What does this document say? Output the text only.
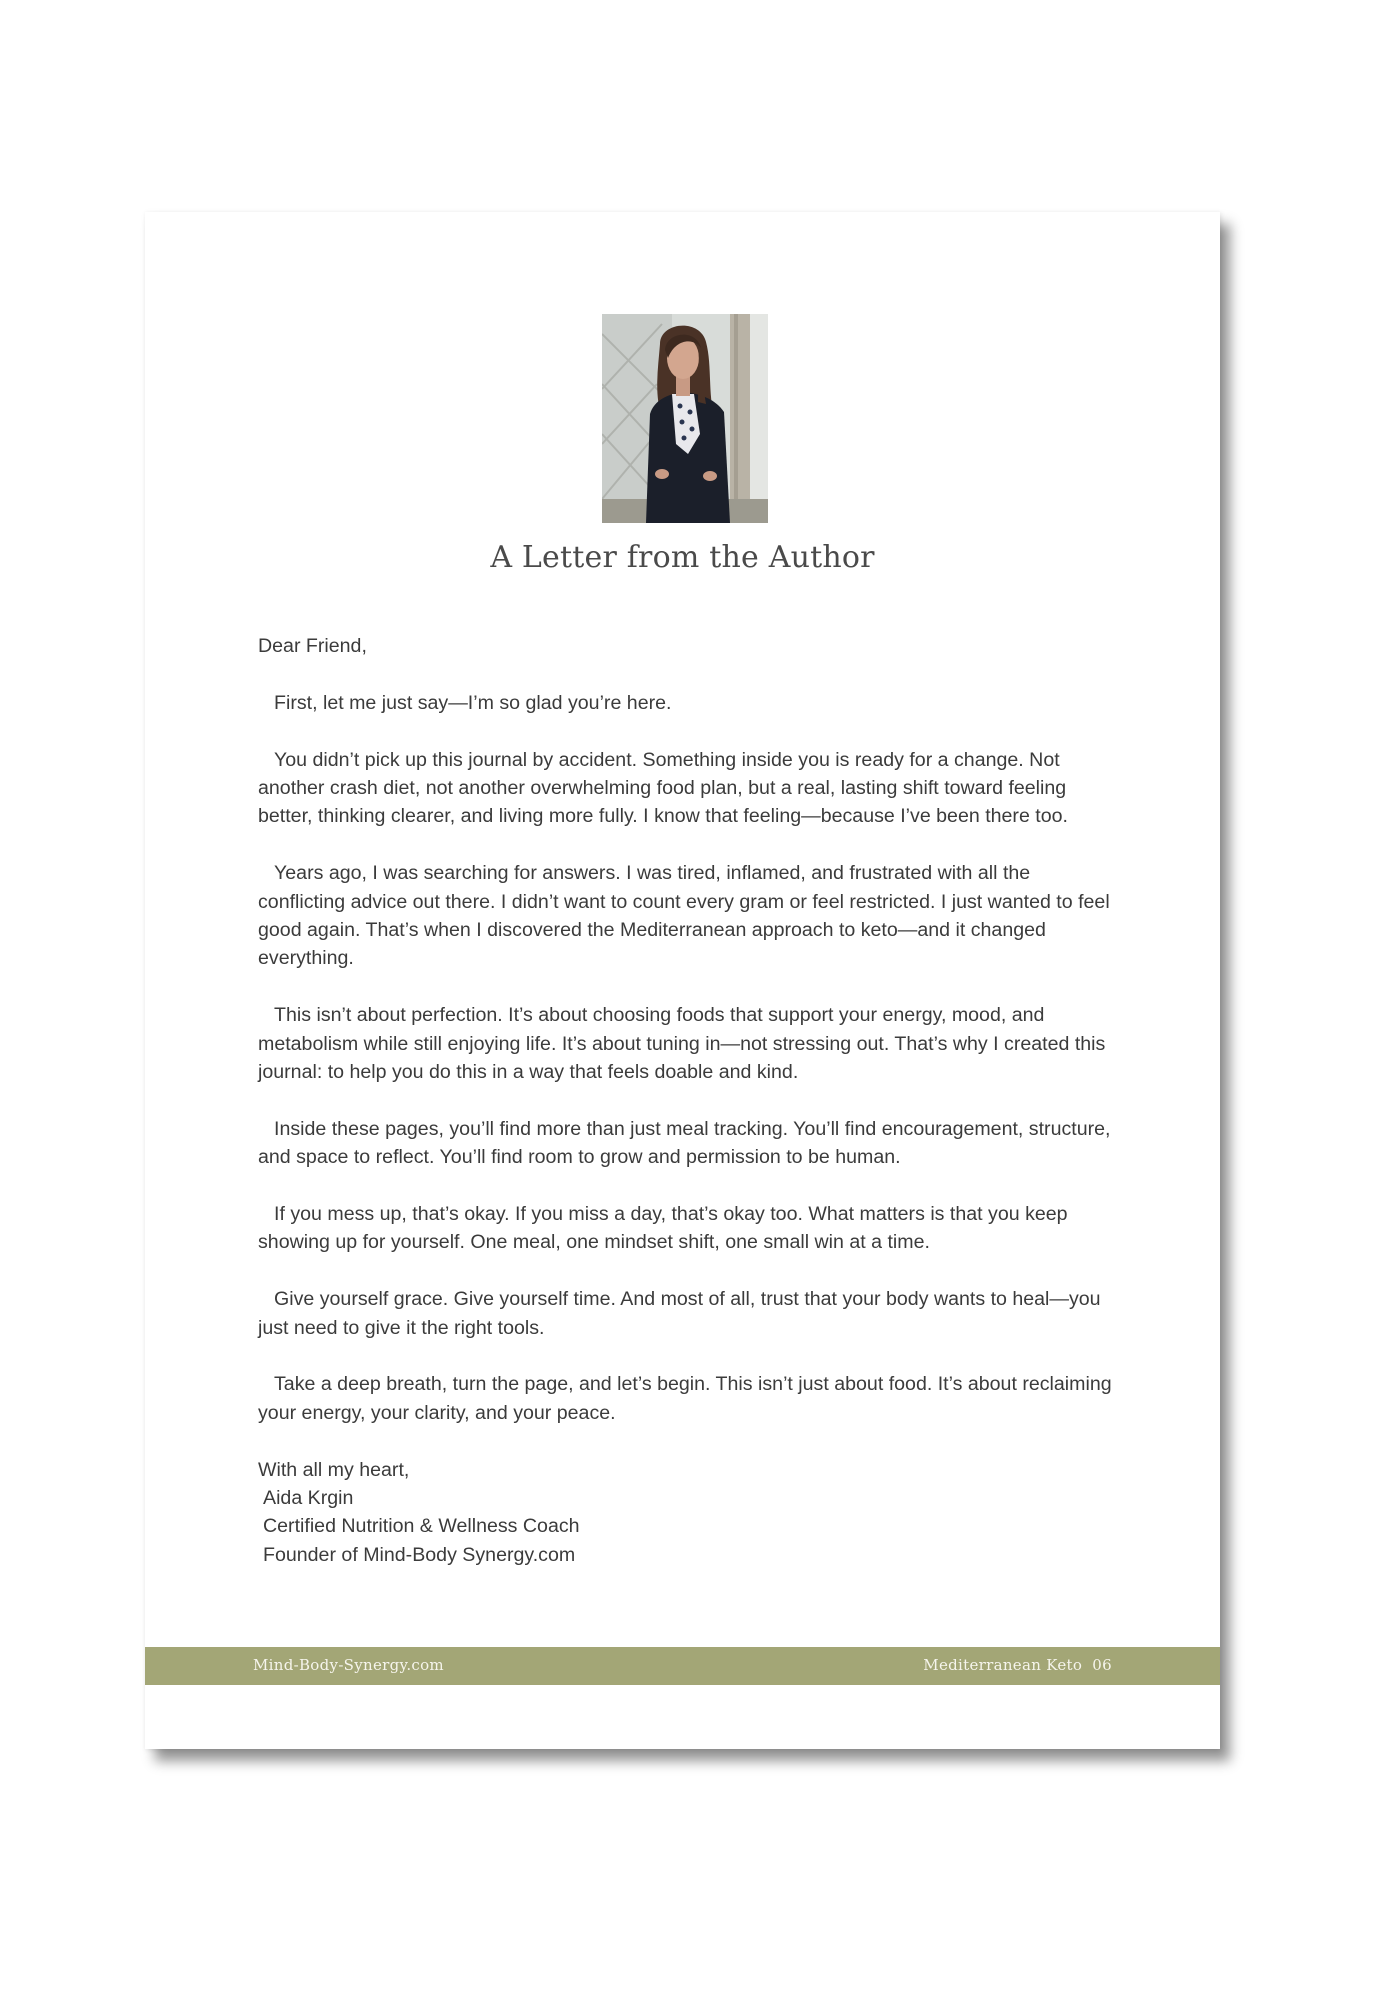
A Letter from the Author

Dear Friend,

First, let me just say—I’m so glad you’re here.

You didn’t pick up this journal by accident. Something inside you is ready for a change. Not another crash diet, not another overwhelming food plan, but a real, lasting shift toward feeling better, thinking clearer, and living more fully. I know that feeling—because I’ve been there too.

Years ago, I was searching for answers. I was tired, inflamed, and frustrated with all the conflicting advice out there. I didn’t want to count every gram or feel restricted. I just wanted to feel good again. That’s when I discovered the Mediterranean approach to keto—and it changed everything.

This isn’t about perfection. It’s about choosing foods that support your energy, mood, and metabolism while still enjoying life. It’s about tuning in—not stressing out. That’s why I created this journal: to help you do this in a way that feels doable and kind.

Inside these pages, you’ll find more than just meal tracking. You’ll find encouragement, structure, and space to reflect. You’ll find room to grow and permission to be human.

If you mess up, that’s okay. If you miss a day, that’s okay too. What matters is that you keep showing up for yourself. One meal, one mindset shift, one small win at a time.

Give yourself grace. Give yourself time. And most of all, trust that your body wants to heal—you just need to give it the right tools.

Take a deep breath, turn the page, and let’s begin. This isn’t just about food. It’s about reclaiming your energy, your clarity, and your peace.

With all my heart,
Aida Krgin
Certified Nutrition & Wellness Coach
Founder of Mind-Body Synergy.com
Mind-Body-Synergy.com	Mediterranean Keto  06
